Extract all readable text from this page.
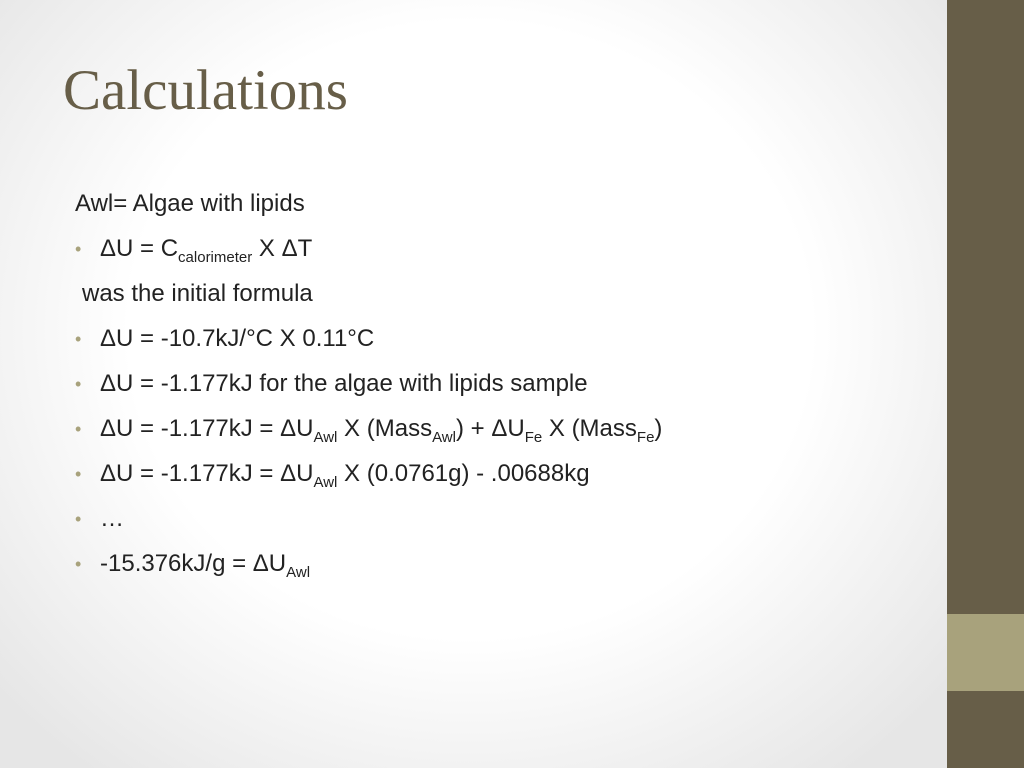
Calculations
Awl= Algae with lipids
• $\Delta U = C_{calorimeter}$ X ΔT
was the initial formula
• ΔU = -10.7kJ/°C X 0.11°C
• ΔU = -1.177kJ for the algae with lipids sample
• $\Delta U = -1.177kJ = \Delta U_{Awl}$ X (Mass$_{Awl}$) + $\Delta U_{Fe}$ X (Mass$_{Fe}$)
• $\Delta U = -1.177kJ = \Delta U_{Awl}$ X (0.0761g) - .00688kg
• …
• $-15.376kJ/g = \Delta U_{Awl}$
